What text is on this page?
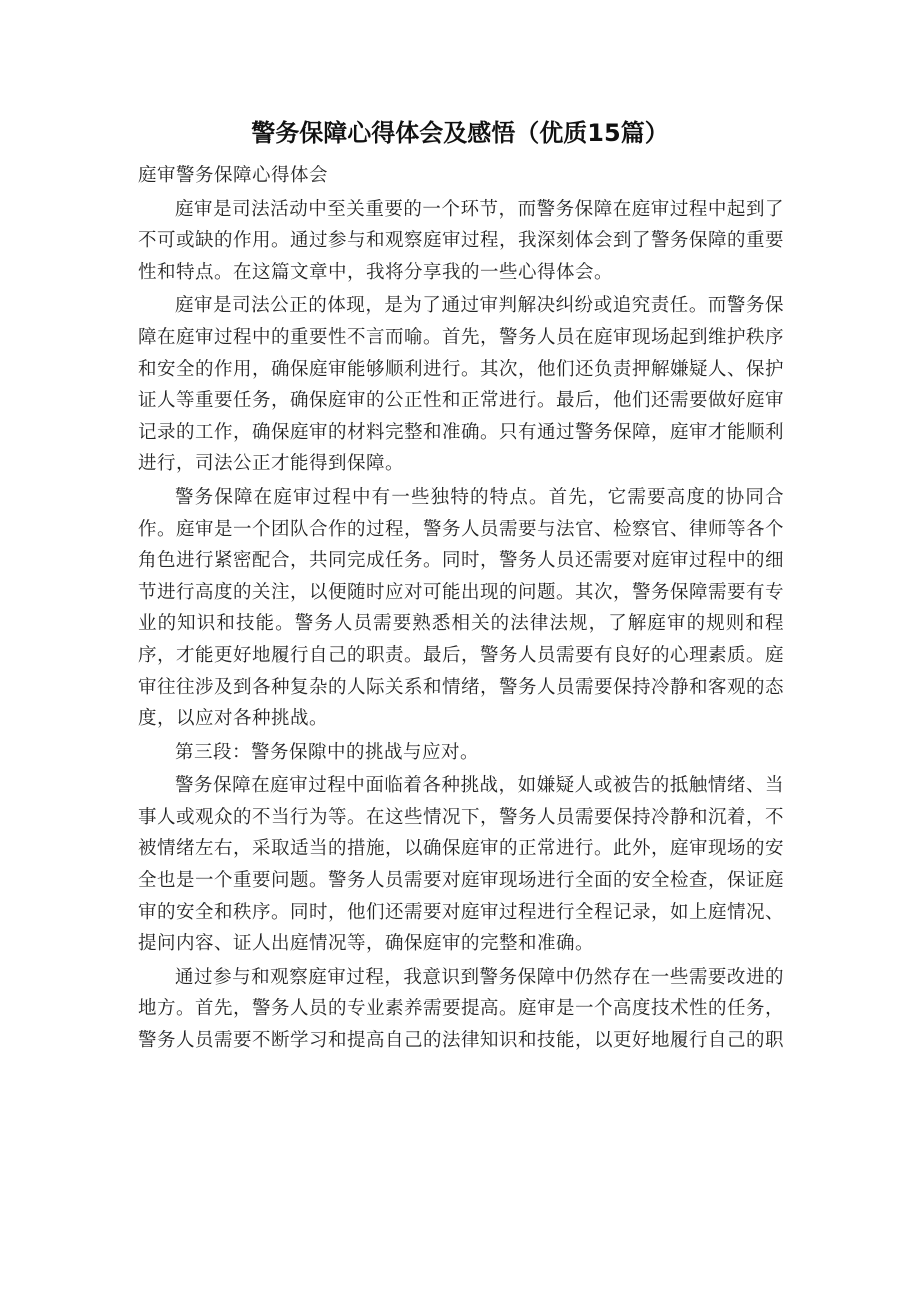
警务保障心得体会及感悟（优质15篇）

庭审警务保障心得体会

庭审是司法活动中至关重要的一个环节，而警务保障在庭审过程中起到了不可或缺的作用。通过参与和观察庭审过程，我深刻体会到了警务保障的重要性和特点。在这篇文章中，我将分享我的一些心得体会。

庭审是司法公正的体现，是为了通过审判解决纠纷或追究责任。而警务保障在庭审过程中的重要性不言而喻。首先，警务人员在庭审现场起到维护秩序和安全的作用，确保庭审能够顺利进行。其次，他们还负责押解嫌疑人、保护证人等重要任务，确保庭审的公正性和正常进行。最后，他们还需要做好庭审记录的工作，确保庭审的材料完整和准确。只有通过警务保障，庭审才能顺利进行，司法公正才能得到保障。

警务保障在庭审过程中有一些独特的特点。首先，它需要高度的协同合作。庭审是一个团队合作的过程，警务人员需要与法官、检察官、律师等各个角色进行紧密配合，共同完成任务。同时，警务人员还需要对庭审过程中的细节进行高度的关注，以便随时应对可能出现的问题。其次，警务保障需要有专业的知识和技能。警务人员需要熟悉相关的法律法规，了解庭审的规则和程序，才能更好地履行自己的职责。最后，警务人员需要有良好的心理素质。庭审往往涉及到各种复杂的人际关系和情绪，警务人员需要保持冷静和客观的态度，以应对各种挑战。

第三段：警务保隙中的挑战与应对。

警务保障在庭审过程中面临着各种挑战，如嫌疑人或被告的抵触情绪、当事人或观众的不当行为等。在这些情况下，警务人员需要保持冷静和沉着，不被情绪左右，采取适当的措施，以确保庭审的正常进行。此外，庭审现场的安全也是一个重要问题。警务人员需要对庭审现场进行全面的安全检查，保证庭审的安全和秩序。同时，他们还需要对庭审过程进行全程记录，如上庭情况、提问内容、证人出庭情况等，确保庭审的完整和准确。

通过参与和观察庭审过程，我意识到警务保障中仍然存在一些需要改进的地方。首先，警务人员的专业素养需要提高。庭审是一个高度技术性的任务，警务人员需要不断学习和提高自己的法律知识和技能，以更好地履行自己的职
